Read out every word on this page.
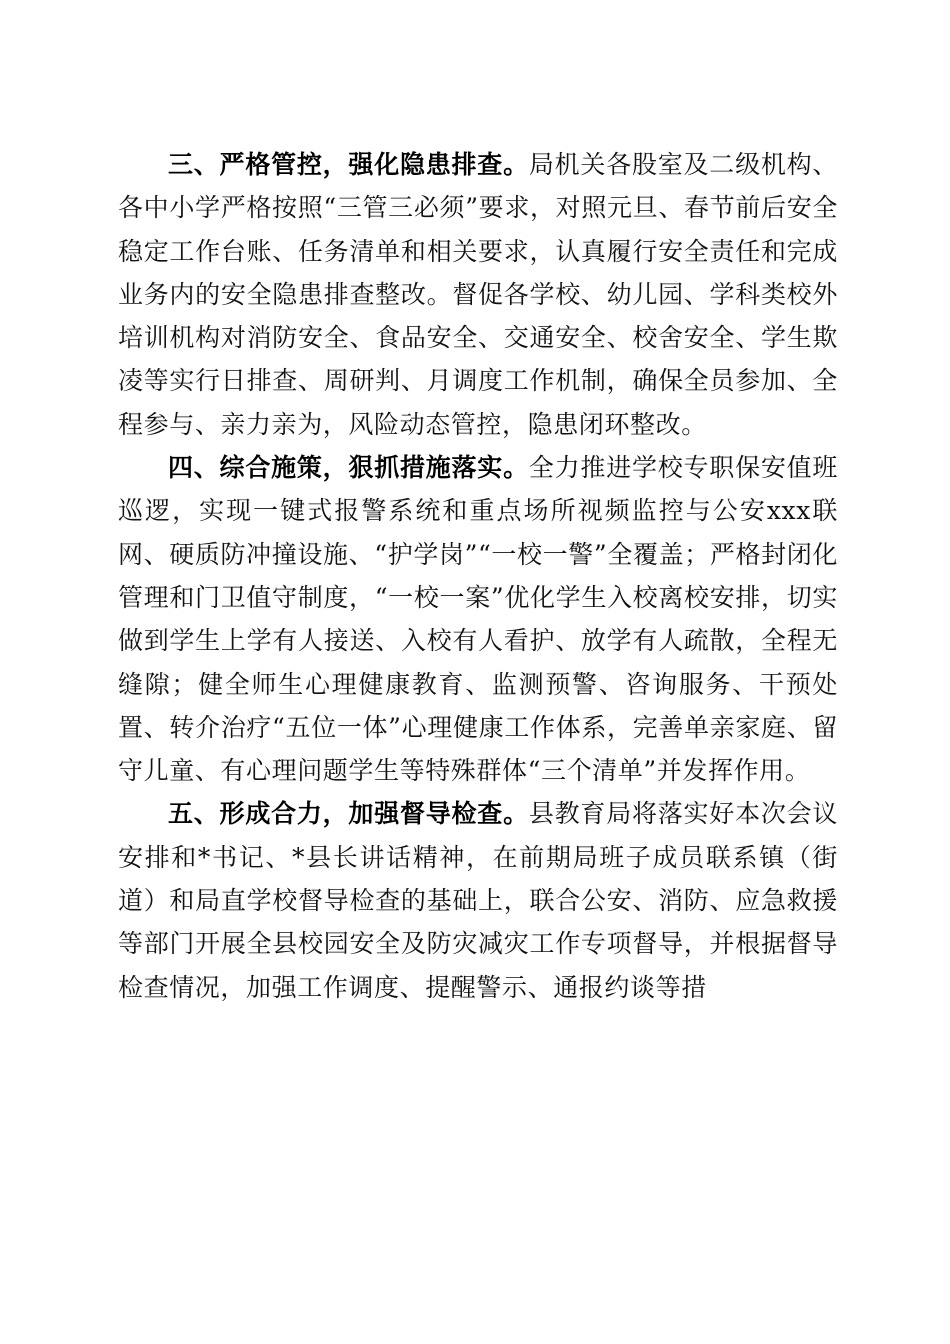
三、严格管控，强化隐患排查。局机关各股室及二级机构、各中小学严格按照“三管三必须”要求，对照元旦、春节前后安全稳定工作台账、任务清单和相关要求，认真履行安全责任和完成业务内的安全隐患排查整改。督促各学校、幼儿园、学科类校外培训机构对消防安全、食品安全、交通安全、校舍安全、学生欺凌等实行日排查、周研判、月调度工作机制，确保全员参加、全程参与、亲力亲为，风险动态管控，隐患闭环整改。

四、综合施策，狠抓措施落实。全力推进学校专职保安值班巡逻，实现一键式报警系统和重点场所视频监控与公安xxx联网、硬质防冲撞设施、“护学岗”“一校一警”全覆盖；严格封闭化管理和门卫值守制度，“一校一案”优化学生入校离校安排，切实做到学生上学有人接送、入校有人看护、放学有人疏散，全程无缝隙；健全师生心理健康教育、监测预警、咨询服务、干预处置、转介治疗“五位一体”心理健康工作体系，完善单亲家庭、留守儿童、有心理问题学生等特殊群体“三个清单”并发挥作用。

五、形成合力，加强督导检查。县教育局将落实好本次会议安排和*书记、*县长讲话精神，在前期局班子成员联系镇（街道）和局直学校督导检查的基础上，联合公安、消防、应急救援等部门开展全县校园安全及防灾减灾工作专项督导，并根据督导检查情况，加强工作调度、提醒警示、通报约谈等措
